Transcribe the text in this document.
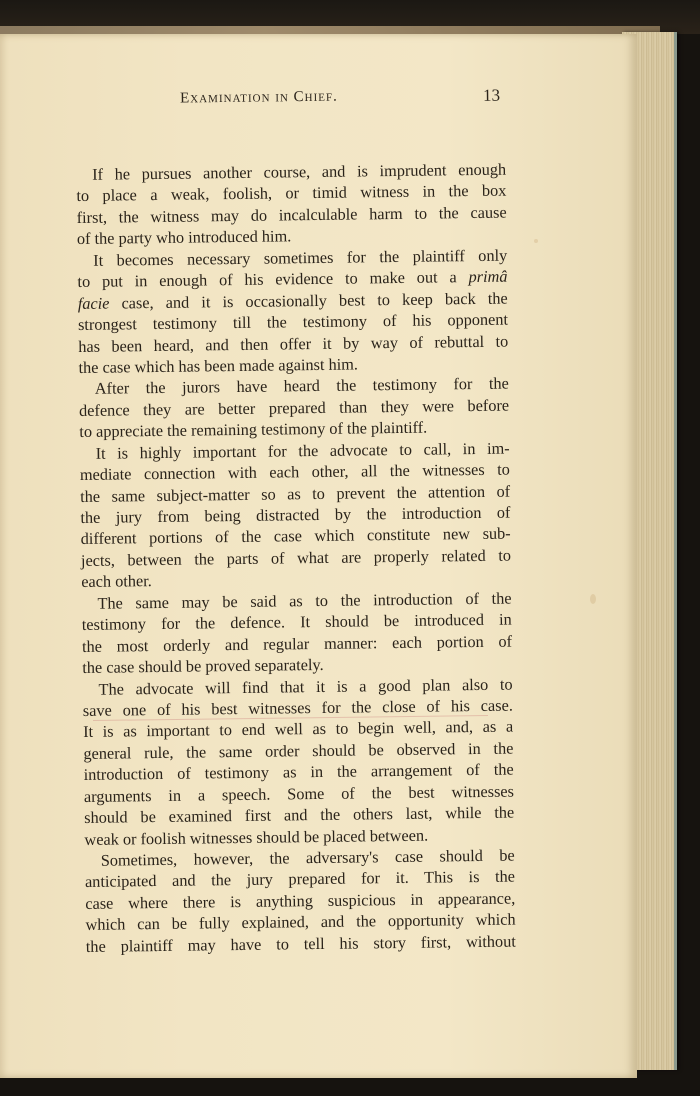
Examination in Chief.	13
If he pursues another course, and is imprudent enough
to place a weak, foolish, or timid witness in the box
first, the witness may do incalculable harm to the cause
of the party who introduced him.
It becomes necessary sometimes for the plaintiff only
to put in enough of his evidence to make out a primâ
facie case, and it is occasionally best to keep back the
strongest testimony till the testimony of his opponent
has been heard, and then offer it by way of rebuttal to
the case which has been made against him.
After the jurors have heard the testimony for the
defence they are better prepared than they were before
to appreciate the remaining testimony of the plaintiff.
It is highly important for the advocate to call, in im-
mediate connection with each other, all the witnesses to
the same subject-matter so as to prevent the attention of
the jury from being distracted by the introduction of
different portions of the case which constitute new sub-
jects, between the parts of what are properly related to
each other.
The same may be said as to the introduction of the
testimony for the defence. It should be introduced in
the most orderly and regular manner: each portion of
the case should be proved separately.
The advocate will find that it is a good plan also to
save one of his best witnesses for the close of his case.
It is as important to end well as to begin well, and, as a
general rule, the same order should be observed in the
introduction of testimony as in the arrangement of the
arguments in a speech. Some of the best witnesses
should be examined first and the others last, while the
weak or foolish witnesses should be placed between.
Sometimes, however, the adversary's case should be
anticipated and the jury prepared for it. This is the
case where there is anything suspicious in appearance,
which can be fully explained, and the opportunity which
the plaintiff may have to tell his story first, without
